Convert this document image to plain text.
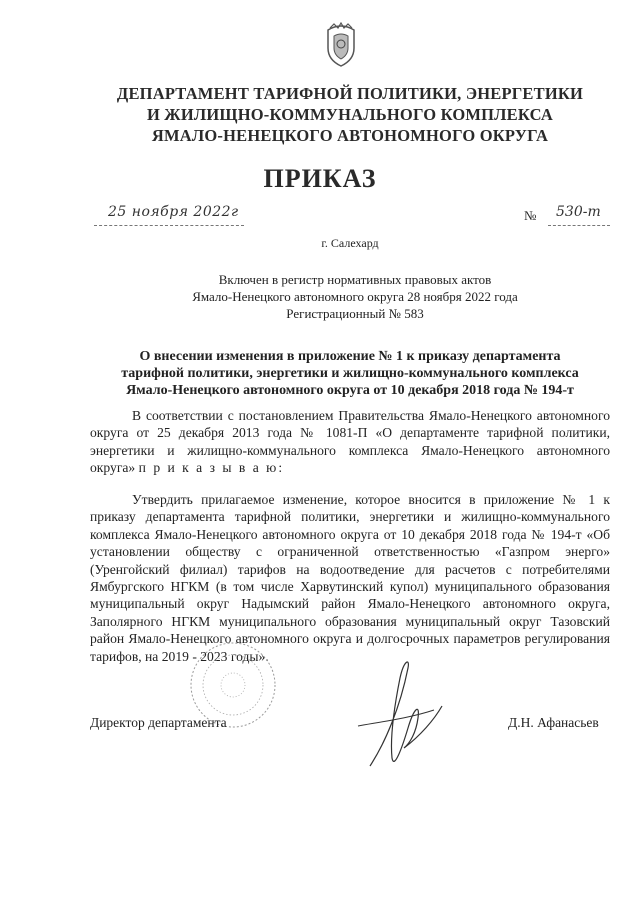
ДЕПАРТАМЕНТ ТАРИФНОЙ ПОЛИТИКИ, ЭНЕРГЕТИКИ
И ЖИЛИЩНО-КОММУНАЛЬНОГО КОМПЛЕКСА
ЯМАЛО-НЕНЕЦКОГО АВТОНОМНОГО ОКРУГА
ПРИКАЗ
25 ноября 2022г	№ 530-т
г. Салехард
Включен в регистр нормативных правовых актов
Ямало-Ненецкого автономного округа 28 ноября 2022 года
Регистрационный № 583
О внесении изменения в приложение № 1 к приказу департамента
тарифной политики, энергетики и жилищно-коммунального комплекса
Ямало-Ненецкого автономного округа от 10 декабря 2018 года № 194-т

В соответствии с постановлением Правительства Ямало-Ненецкого автономного округа от 25 декабря 2013 года № 1081-П «О департаменте тарифной политики, энергетики и жилищно-коммунального комплекса Ямало-Ненецкого автономного округа» п р и к а з ы в а ю:

Утвердить прилагаемое изменение, которое вносится в приложение № 1 к приказу департамента тарифной политики, энергетики и жилищно-коммунального комплекса Ямало-Ненецкого автономного округа от 10 декабря 2018 года № 194-т «Об установлении обществу с ограниченной ответственностью «Газпром энерго» (Уренгойский филиал) тарифов на водоотведение для расчетов с потребителями Ямбургского НГКМ (в том числе Харвутинский купол) муниципального образования муниципальный округ Надымский район Ямало-Ненецкого автономного округа, Заполярного НГКМ муниципального образования муниципальный округ Тазовский район Ямало-Ненецкого автономного округа и долгосрочных параметров регулирования тарифов, на 2019 - 2023 годы».

Директор департамента	Д.Н. Афанасьев
